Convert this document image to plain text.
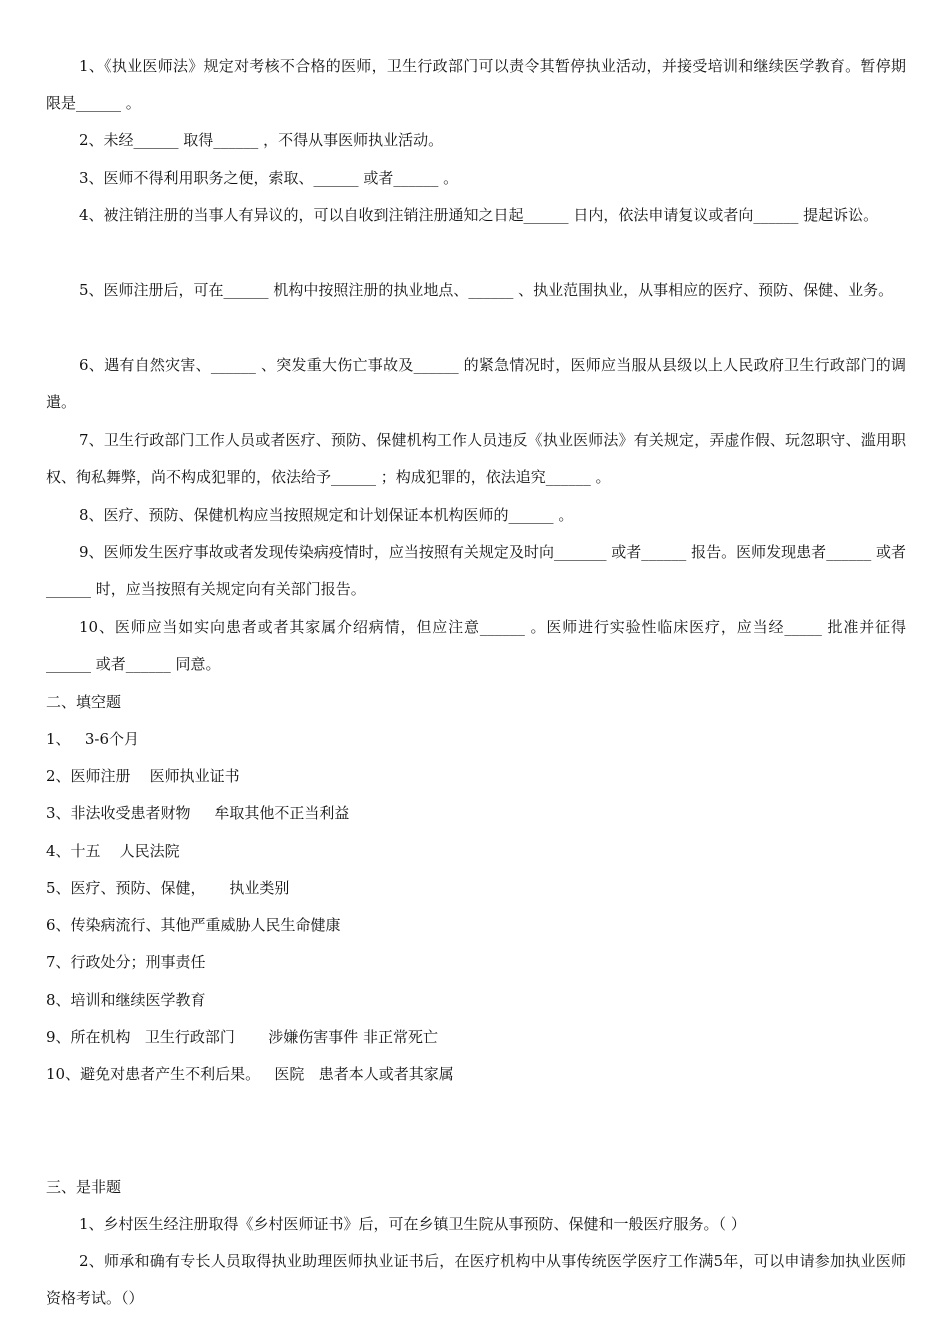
1、《执业医师法》规定对考核不合格的医师，卫生行政部门可以责令其暂停执业活动，并接受培训和继续医学教育。暂停期限是______ 。

2、未经______ 取得______ ，不得从事医师执业活动。

3、医师不得利用职务之便，索取、______ 或者______ 。

4、被注销注册的当事人有异议的，可以自收到注销注册通知之日起______ 日内，依法申请复议或者向______ 提起诉讼。

5、医师注册后，可在______ 机构中按照注册的执业地点、______ 、执业范围执业，从事相应的医疗、预防、保健、业务。

6、遇有自然灾害、______ 、突发重大伤亡事故及______ 的紧急情况时，医师应当服从县级以上人民政府卫生行政部门的调遣。

7、卫生行政部门工作人员或者医疗、预防、保健机构工作人员违反《执业医师法》有关规定，弄虚作假、玩忽职守、滥用职权、徇私舞弊，尚不构成犯罪的，依法给予______ ；构成犯罪的，依法追究______ 。

8、医疗、预防、保健机构应当按照规定和计划保证本机构医师的______ 。

9、医师发生医疗事故或者发现传染病疫情时，应当按照有关规定及时向_______ 或者______ 报告。医师发现患者______ 或者______ 时，应当按照有关规定向有关部门报告。

10、医师应当如实向患者或者其家属介绍病情，但应注意______ 。医师进行实验性临床医疗，应当经_____ 批准并征得______ 或者______ 同意。

二、填空题
1、   3-6个月
2、医师注册    医师执业证书
3、非法收受患者财物     牟取其他不正当利益
4、十五    人民法院
5、医疗、预防、保健，     执业类别
6、传染病流行、其他严重威胁人民生命健康
7、行政处分；刑事责任
8、培训和继续医学教育
9、所在机构   卫生行政部门       涉嫌伤害事件 非正常死亡
10、避免对患者产生不利后果。   医院   患者本人或者其家属
三、是非题

1、乡村医生经注册取得《乡村医师证书》后，可在乡镇卫生院从事预防、保健和一般医疗服务。（ ）

2、师承和确有专长人员取得执业助理医师执业证书后，在医疗机构中从事传统医学医疗工作满5年，可以申请参加执业医师资格考试。（）
